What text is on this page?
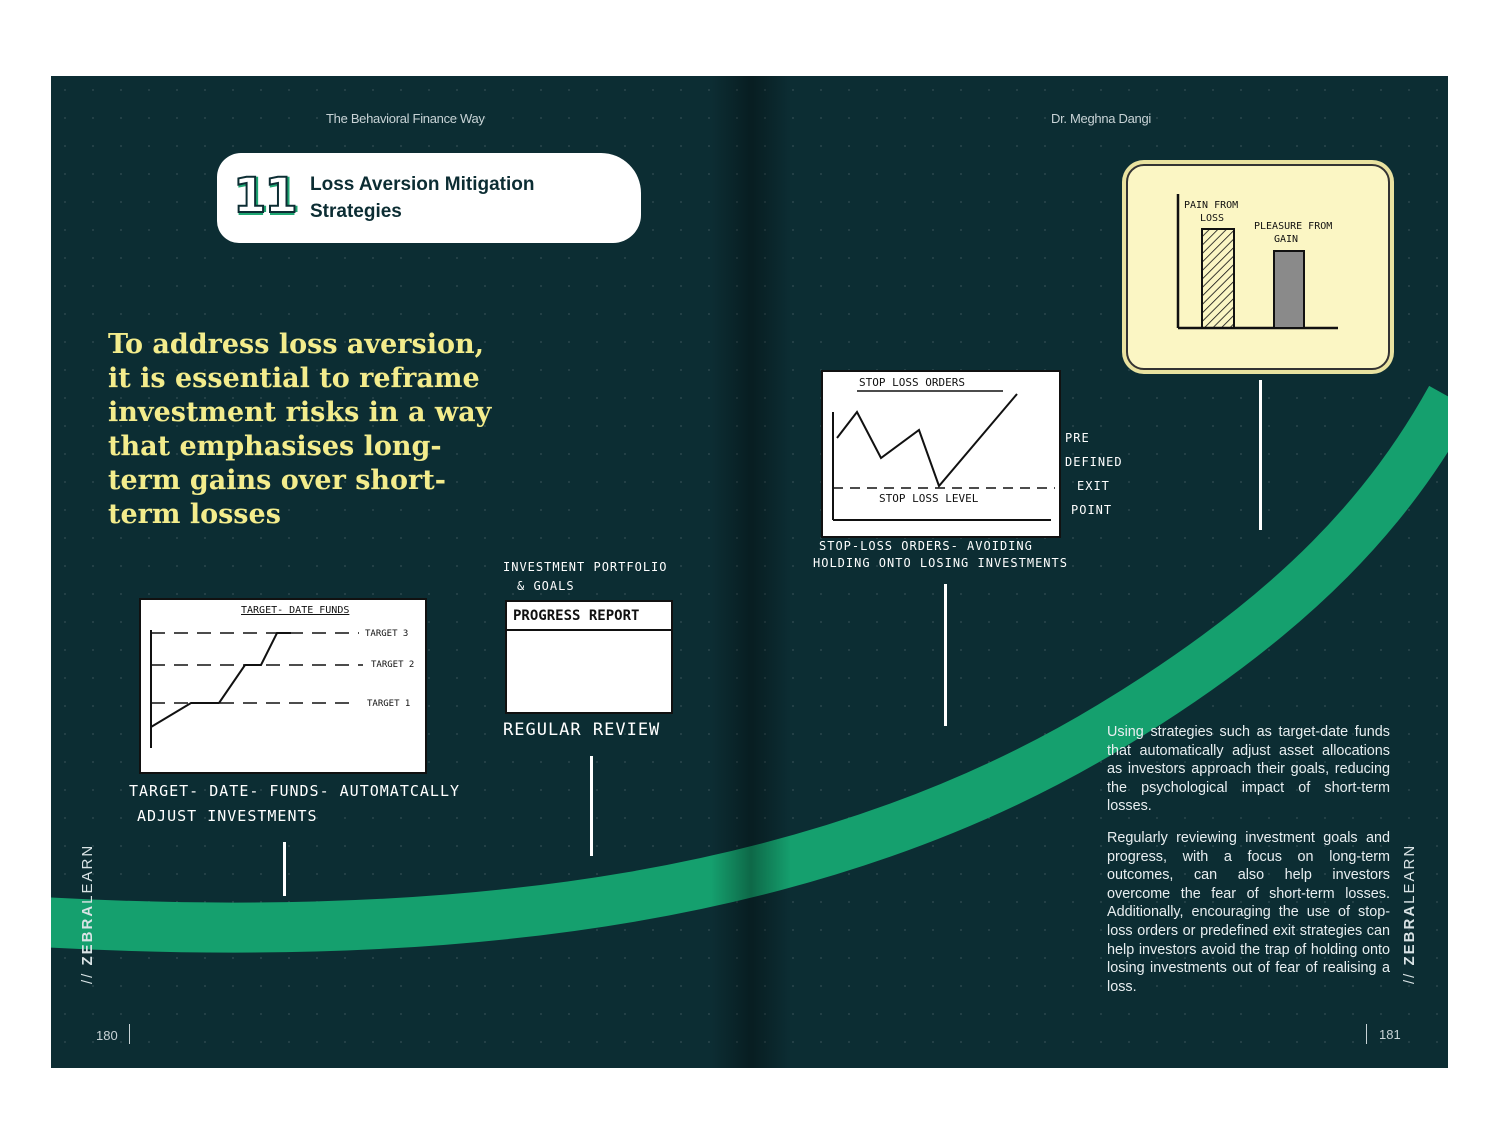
The Behavioral Finance Way	Dr. Meghna Dangi
11 Loss Aversion Mitigation Strategies
To address loss aversion, it is essential to reframe investment risks in a way that emphasises long-term gains over short-term losses
TARGET- DATE FUNDS
TARGET 3
TARGET 2
TARGET 1
TARGET- DATE- FUNDS- AUTOMATCALLY
ADJUST INVESTMENTS
INVESTMENT PORTFOLIO
& GOALS
PROGRESS REPORT
REGULAR REVIEW
STOP LOSS ORDERS
STOP LOSS LEVEL
PRE
DEFINED
EXIT
POINT
STOP-LOSS ORDERS- AVOIDING
HOLDING ONTO LOSING INVESTMENTS
PAIN FROM
LOSS
PLEASURE FROM
GAIN
Using strategies such as target-date funds that automatically adjust asset allocations as investors approach their goals, reducing the psychological impact of short-term losses.
Regularly reviewing investment goals and progress, with a focus on long-term outcomes, can also help investors overcome the fear of short-term losses. Additionally, encouraging the use of stop-loss orders or predefined exit strategies can help investors avoid the trap of holding onto losing investments out of fear of realising a loss.
// ZEBRALEARN
// ZEBRALEARN
180	181
